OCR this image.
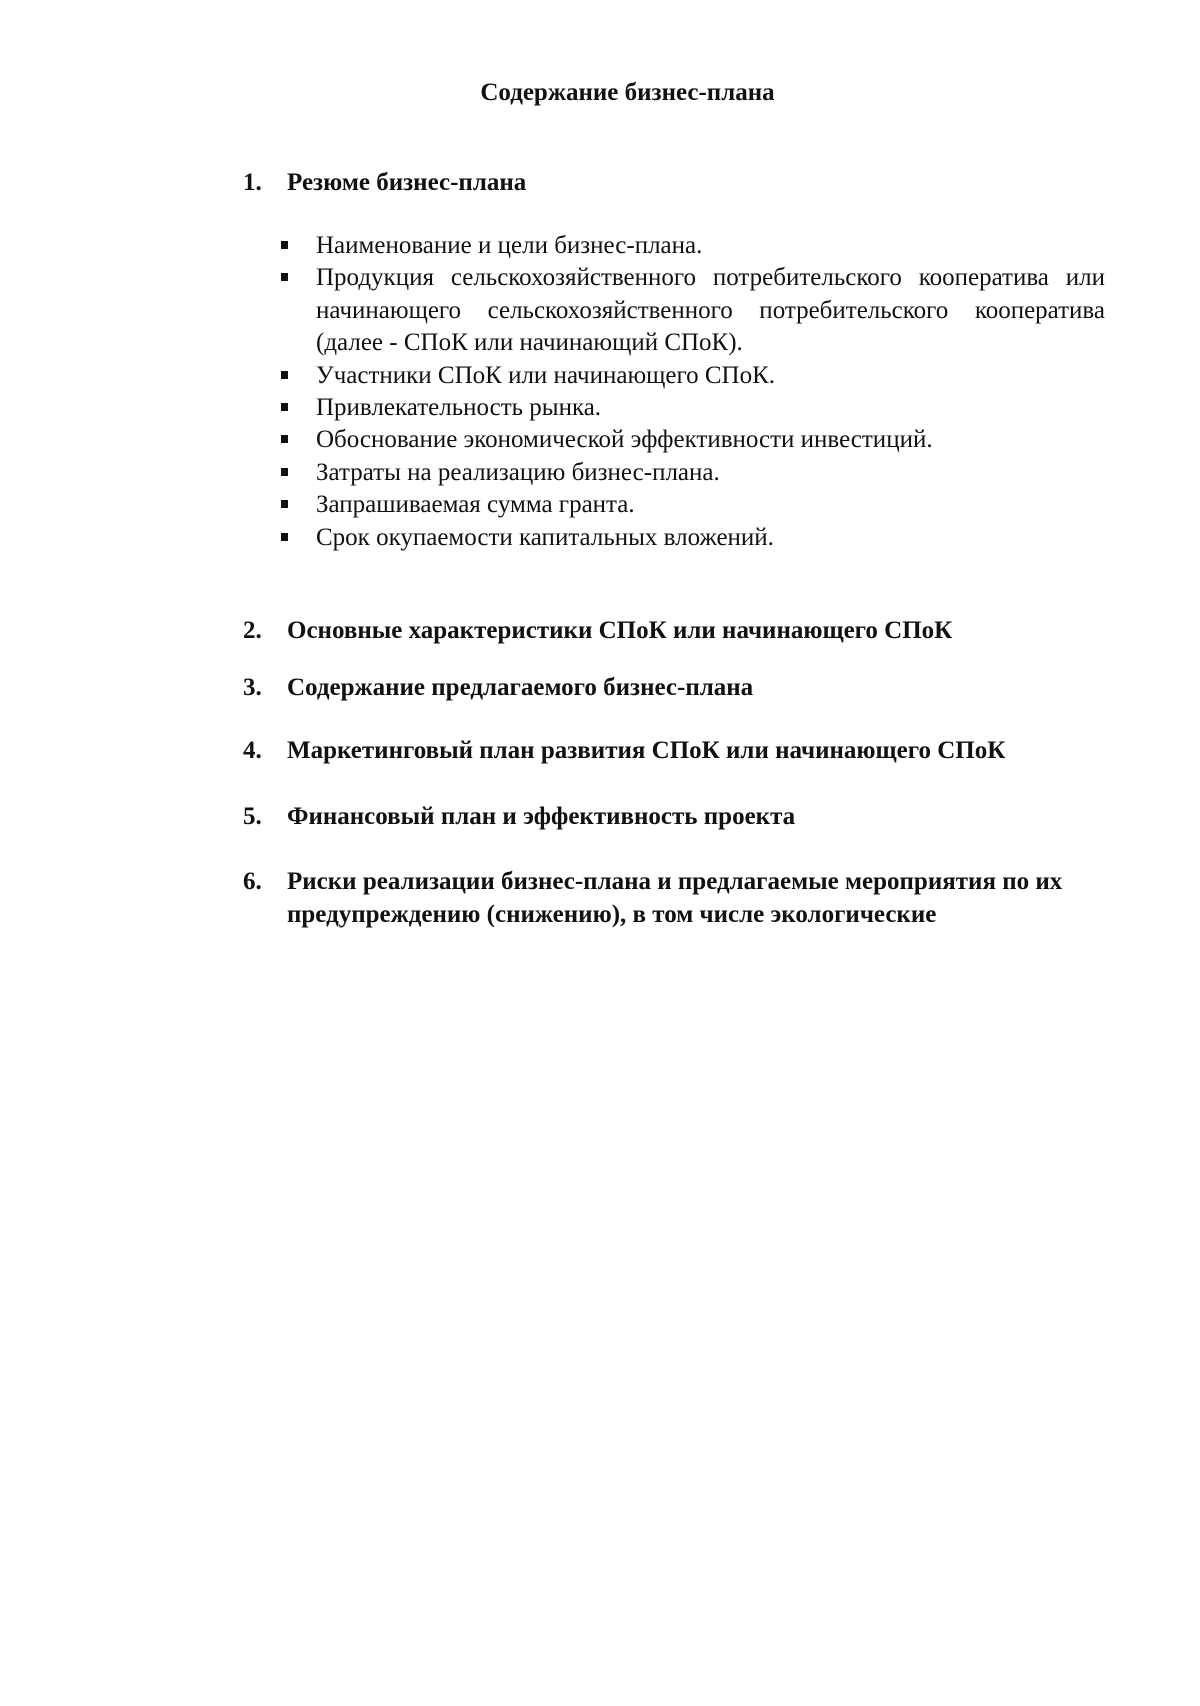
Содержание бизнес-плана
1. Резюме бизнес-плана
Наименование и цели бизнес-плана.
Продукция сельскохозяйственного потребительского кооператива или начинающего сельскохозяйственного потребительского кооператива (далее - СПоК или начинающий СПоК).
Участники СПоК или начинающего СПоК.
Привлекательность рынка.
Обоснование экономической эффективности инвестиций.
Затраты на реализацию бизнес-плана.
Запрашиваемая сумма гранта.
Срок окупаемости капитальных вложений.
2. Основные характеристики СПоК или начинающего СПоК
3. Содержание предлагаемого бизнес-плана
4. Маркетинговый план развития СПоК или начинающего СПоК
5. Финансовый план и эффективность проекта
6. Риски реализации бизнес-плана и предлагаемые мероприятия по их предупреждению (снижению), в том числе экологические
